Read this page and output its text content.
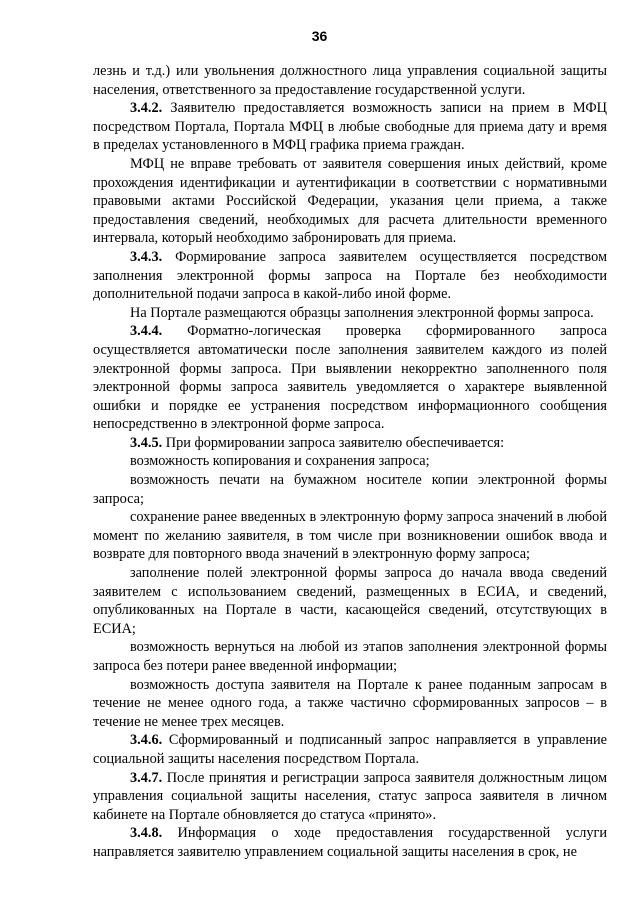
36

лезнь и т.д.) или увольнения должностного лица управления социальной защиты населения, ответственного за предоставление государственной услуги.

3.4.2. Заявителю предоставляется возможность записи на прием в МФЦ посредством Портала, Портала МФЦ в любые свободные для приема дату и время в пределах установленного в МФЦ графика приема граждан.

МФЦ не вправе требовать от заявителя совершения иных действий, кроме прохождения идентификации и аутентификации в соответствии с нормативными правовыми актами Российской Федерации, указания цели приема, а также предоставления сведений, необходимых для расчета длительности временного интервала, который необходимо забронировать для приема.

3.4.3. Формирование запроса заявителем осуществляется посредством заполнения электронной формы запроса на Портале без необходимости дополнительной подачи запроса в какой-либо иной форме.

На Портале размещаются образцы заполнения электронной формы запроса.

3.4.4. Форматно-логическая проверка сформированного запроса осуществляется автоматически после заполнения заявителем каждого из полей электронной формы запроса. При выявлении некорректно заполненного поля электронной формы запроса заявитель уведомляется о характере выявленной ошибки и порядке ее устранения посредством информационного сообщения непосредственно в электронной форме запроса.

3.4.5. При формировании запроса заявителю обеспечивается:

возможность копирования и сохранения запроса;

возможность печати на бумажном носителе копии электронной формы запроса;

сохранение ранее введенных в электронную форму запроса значений в любой момент по желанию заявителя, в том числе при возникновении ошибок ввода и возврате для повторного ввода значений в электронную форму запроса;

заполнение полей электронной формы запроса до начала ввода сведений заявителем с использованием сведений, размещенных в ЕСИА, и сведений, опубликованных на Портале в части, касающейся сведений, отсутствующих в ЕСИА;

возможность вернуться на любой из этапов заполнения электронной формы запроса без потери ранее введенной информации;

возможность доступа заявителя на Портале к ранее поданным запросам в течение не менее одного года, а также частично сформированных запросов – в течение не менее трех месяцев.

3.4.6. Сформированный и подписанный запрос направляется в управление социальной защиты населения посредством Портала.

3.4.7. После принятия и регистрации запроса заявителя должностным лицом управления социальной защиты населения, статус запроса заявителя в личном кабинете на Портале обновляется до статуса «принято».

3.4.8. Информация о ходе предоставления государственной услуги направляется заявителю управлением социальной защиты населения в срок, не
